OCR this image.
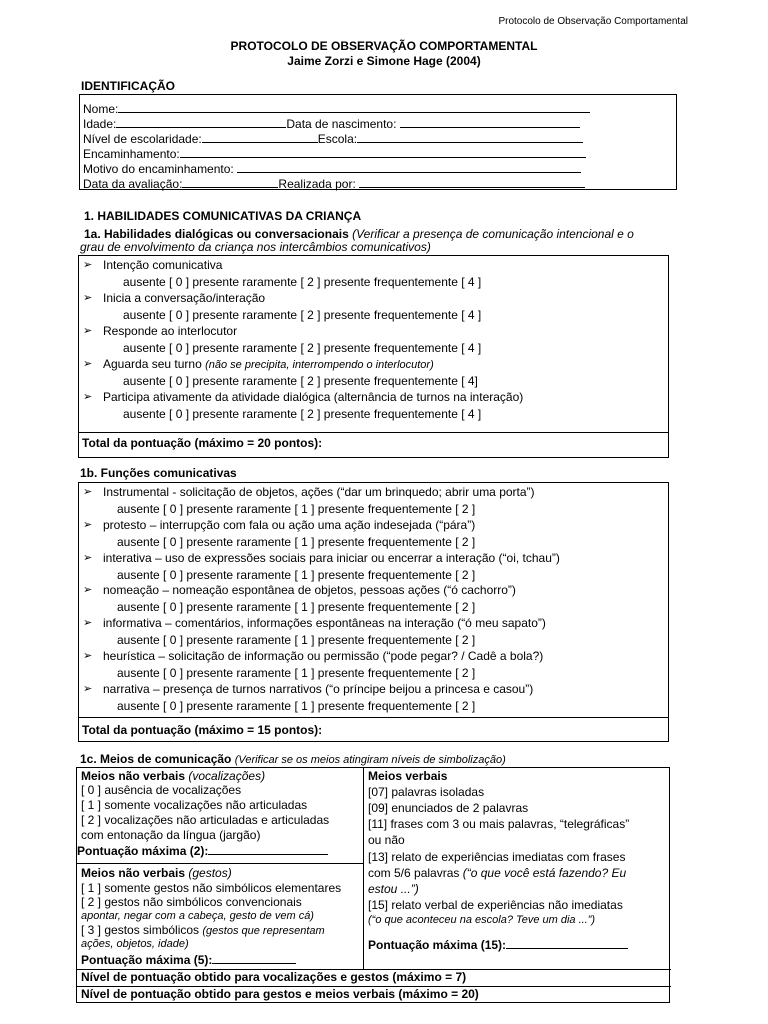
Protocolo de Observação Comportamental
PROTOCOLO DE OBSERVAÇÃO COMPORTAMENTAL
Jaime Zorzi e Simone Hage (2004)
IDENTIFICAÇÃO
Nome:
Idade:	Data de nascimento:
Nível de escolaridade:	Escola:
Encaminhamento:
Motivo do encaminhamento:
Data da avaliação:	Realizada por:
1. HABILIDADES COMUNICATIVAS DA CRIANÇA
1a. Habilidades dialógicas ou conversacionais (Verificar a presença de comunicação intencional e o
grau de envolvimento da criança nos intercâmbios comunicativos)
➢ Intenção comunicativa
ausente [ 0 ] presente raramente [ 2 ] presente frequentemente [ 4 ]
➢ Inicia a conversação/interação
ausente [ 0 ] presente raramente [ 2 ] presente frequentemente [ 4 ]
➢ Responde ao interlocutor
ausente [ 0 ] presente raramente [ 2 ] presente frequentemente [ 4 ]
➢ Aguarda seu turno (não se precipita, interrompendo o interlocutor)
ausente [ 0 ] presente raramente [ 2 ] presente frequentemente [ 4]
➢ Participa ativamente da atividade dialógica (alternância de turnos na interação)
ausente [ 0 ] presente raramente [ 2 ] presente frequentemente [ 4 ]
Total da pontuação (máximo = 20 pontos):
1b. Funções comunicativas
➢ Instrumental - solicitação de objetos, ações (“dar um brinquedo; abrir uma porta”)
ausente [ 0 ] presente raramente [ 1 ] presente frequentemente [ 2 ]
➢ protesto – interrupção com fala ou ação uma ação indesejada (“pára”)
ausente [ 0 ] presente raramente [ 1 ] presente frequentemente [ 2 ]
➢ interativa – uso de expressões sociais para iniciar ou encerrar a interação (“oi, tchau”)
ausente [ 0 ] presente raramente [ 1 ] presente frequentemente [ 2 ]
➢ nomeação – nomeação espontânea de objetos, pessoas ações (“ó cachorro”)
ausente [ 0 ] presente raramente [ 1 ] presente frequentemente [ 2 ]
➢ informativa – comentários, informações espontâneas na interação (“ó meu sapato”)
ausente [ 0 ] presente raramente [ 1 ] presente frequentemente [ 2 ]
➢ heurística – solicitação de informação ou permissão (“pode pegar? / Cadê a bola?)
ausente [ 0 ] presente raramente [ 1 ] presente frequentemente [ 2 ]
➢ narrativa – presença de turnos narrativos (“o príncipe beijou a princesa e casou”)
ausente [ 0 ] presente raramente [ 1 ] presente frequentemente [ 2 ]
Total da pontuação (máximo = 15 pontos):
1c. Meios de comunicação (Verificar se os meios atingiram níveis de simbolização)
Meios não verbais (vocalizações)
[ 0 ] ausência de vocalizações
[ 1 ] somente vocalizações não articuladas
[ 2 ] vocalizações não articuladas e articuladas
com entonação da língua (jargão)
Pontuação máxima (2):
Meios não verbais (gestos)
[ 1 ] somente gestos não simbólicos elementares
[ 2 ] gestos não simbólicos convencionais
apontar, negar com a cabeça, gesto de vem cá)
[ 3 ] gestos simbólicos (gestos que representam
ações, objetos, idade)
Pontuação máxima (5):
Meios verbais
[07] palavras isoladas
[09] enunciados de 2 palavras
[11] frases com 3 ou mais palavras, “telegráficas”
ou não
[13] relato de experiências imediatas com frases
com 5/6 palavras (“o que você está fazendo? Eu
estou ...”)
[15] relato verbal de experiências não imediatas
(“o que aconteceu na escola? Teve um dia ...”)
Pontuação máxima (15):
Nível de pontuação obtido para vocalizações e gestos (máximo = 7)
Nível de pontuação obtido para gestos e meios verbais (máximo = 20)
